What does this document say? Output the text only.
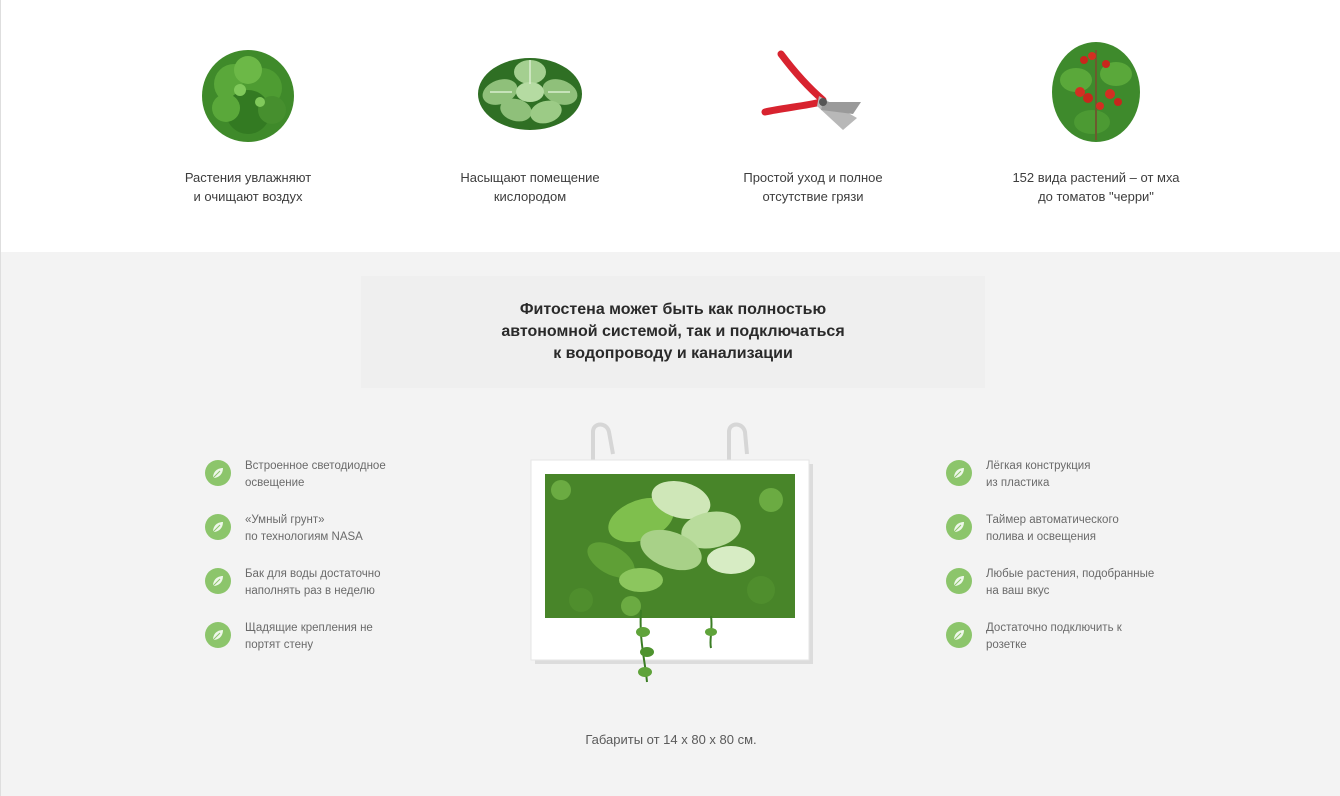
Растения увлажняют
и очищают воздух
Насыщают помещение
кислородом
Простой уход и полное
отсутствие грязи
152 вида растений – от мха
до томатов "черри"
Фитостена может быть как полностью
автономной системой, так и подключаться
к водопроводу и канализации
Встроенное светодиодное
освещение
«Умный грунт»
по технологиям NASA
Бак для воды достаточно
наполнять раз в неделю
Щадящие крепления не
портят стену
Лёгкая конструкция
из пластика
Таймер автоматического
полива и освещения
Любые растения, подобранные
на ваш вкус
Достаточно подключить к
розетке
Габариты от 14 х 80 х 80 см.
